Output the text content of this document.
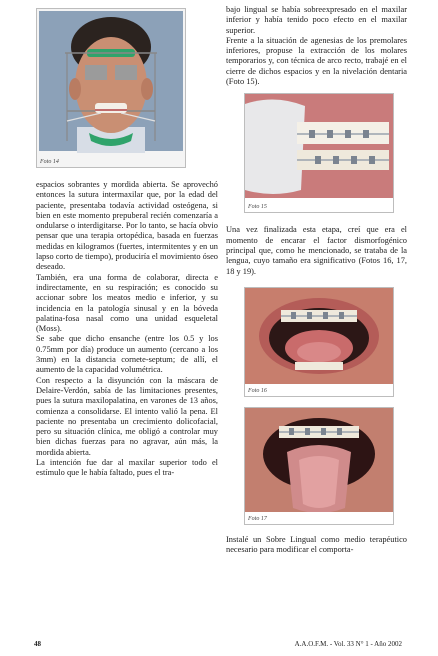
Foto 14

espacios sobrantes y mordida abierta. Se aprovechó entonces la sutura intermaxilar que, por la edad del paciente, presentaba todavía actividad osteógena, si bien en este momento prepuberal recién comenzaría a ondularse o interdigitarse. Por lo tanto, se hacía obvio pensar que una terapia ortopédica, basada en fuerzas medidas en kilogramos (fuertes, intermitentes y en un lapso corto de tiempo), produciría el movimiento óseo deseado.

También, era una forma de colaborar, directa e indirectamente, en su respiración; es conocido su accionar sobre los meatos medio e inferior, y su incidencia en la patología sinusal y en la bóveda palatina-fosa nasal como una unidad esqueletal (Moss).

Se sabe que dicho ensanche (entre los 0.5 y los 0.75mm por día) produce un aumento (cercano a los 3mm) en la distancia cornete-septum; de allí, el aumento de la capacidad volumétrica.

Con respecto a la disyunción con la máscara de Delaire-Verdón, sabía de las limitaciones presentes, pues la sutura maxilopalatina, en varones de 13 años, comienza a consolidarse. El intento valió la pena. El paciente no presentaba un crecimiento dolicofacial, pero su situación clínica, me obligó a controlar muy bien dichas fuerzas para no agravar, aún más, la mordida abierta.

La intención fue dar al maxilar superior todo el estímulo que le había faltado, pues el tra-

bajo lingual se había sobreexpresado en el maxilar inferior y había tenido poco efecto en el maxilar superior.

Frente a la situación de agenesias de los premolares inferiores, propuse la extracción de los molares temporarios y, con técnica de arco recto, trabajé en el cierre de dichos espacios y en la nivelación dentaria (Foto 15).

Foto 15

Una vez finalizada esta etapa, creí que era el momento de encarar el factor dismorfogénico principal que, como he mencionado, se trataba de la lengua, cuyo tamaño era significativo (Fotos 16, 17, 18 y 19).

Foto 16
Foto 17

Instalé un Sobre Lingual como medio terapéutico necesario para modificar el comporta-

48	A.A.O.F.M. - Vol. 33 N° 1 - Año 2002
